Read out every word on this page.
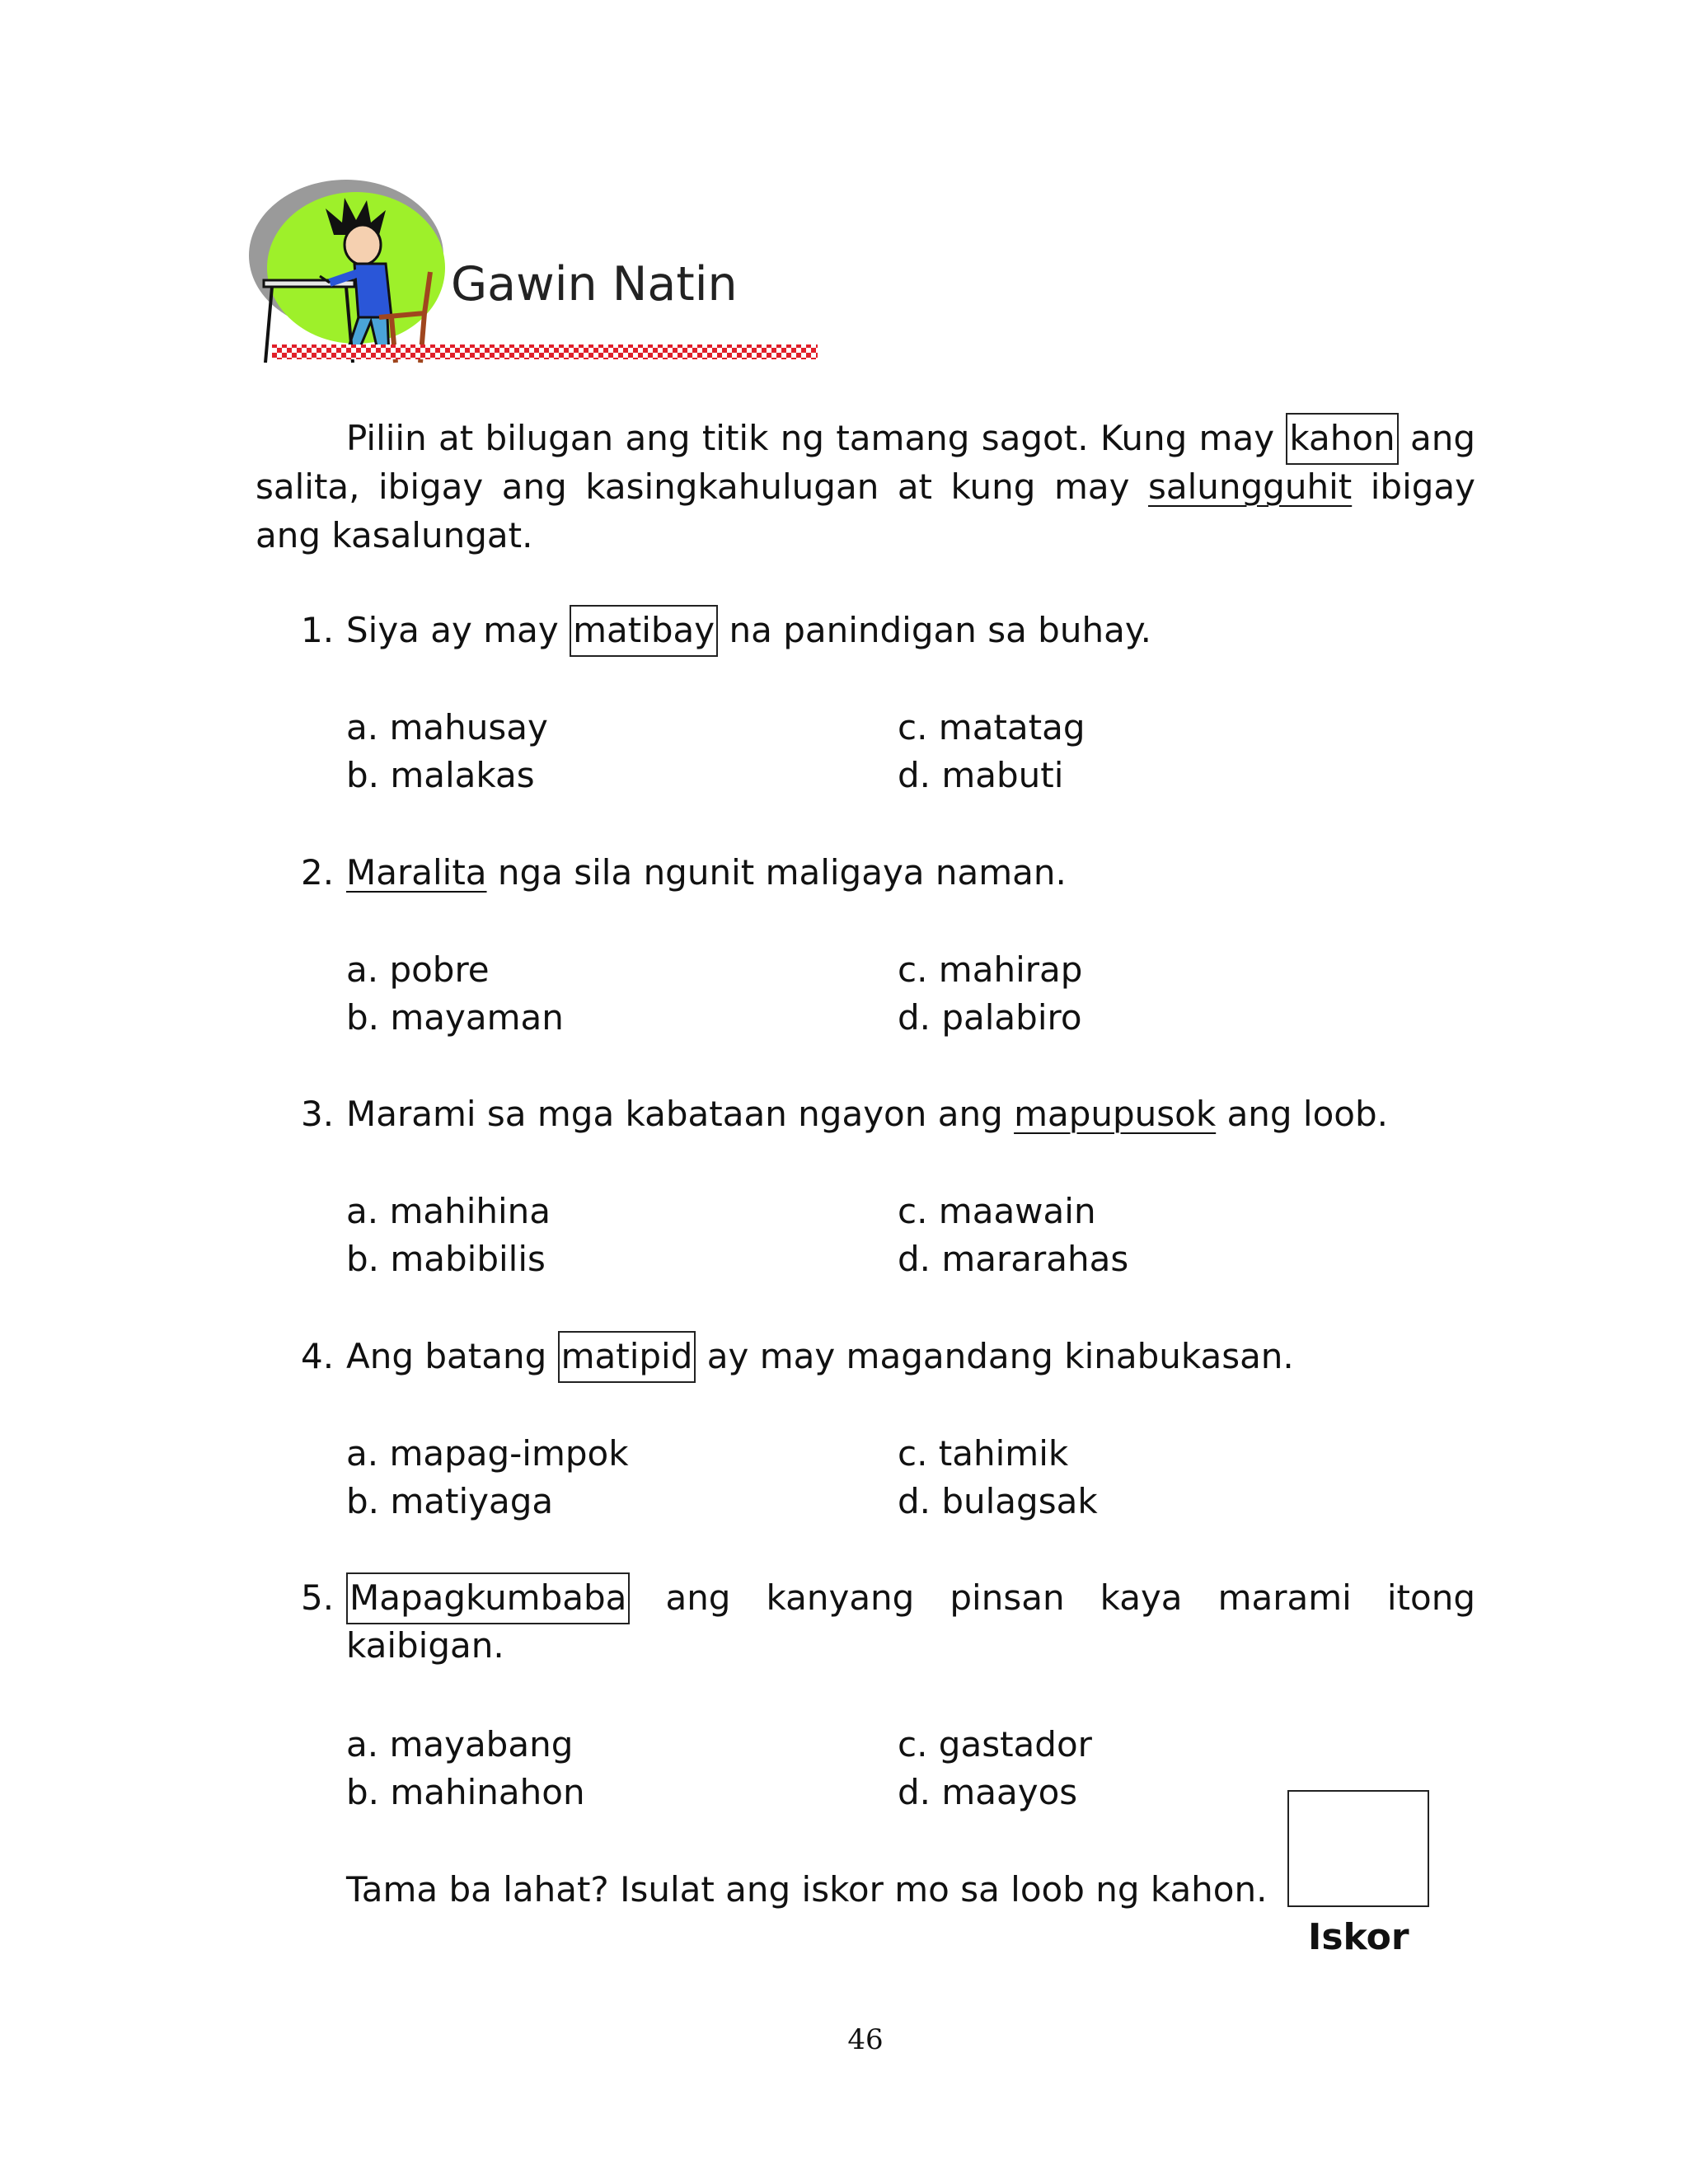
Gawin Natin
Piliin at bilugan ang titik ng tamang sagot. Kung may kahon ang
salita, ibigay ang kasingkahulugan at kung may salungguhit ibigay
ang kasalungat.
1. Siya ay may matibay na panindigan sa buhay.
a. mahusay
b. malakas
c. matatag
d. mabuti
2. Maralita nga sila ngunit maligaya naman.
a. pobre
b. mayaman
c. mahirap
d. palabiro
3. Marami sa mga kabataan ngayon ang mapupusok ang loob.
a. mahihina
b. mabibilis
c. maawain
d. mararahas
4. Ang batang matipid ay may magandang kinabukasan.
a. mapag-impok
b. matiyaga
c. tahimik
d. bulagsak
5. Mapagkumbaba ang kanyang pinsan kaya marami itong
kaibigan.
a. mayabang
b. mahinahon
c. gastador
d. maayos
Tama ba lahat? Isulat ang iskor mo sa loob ng kahon.
Iskor
46
